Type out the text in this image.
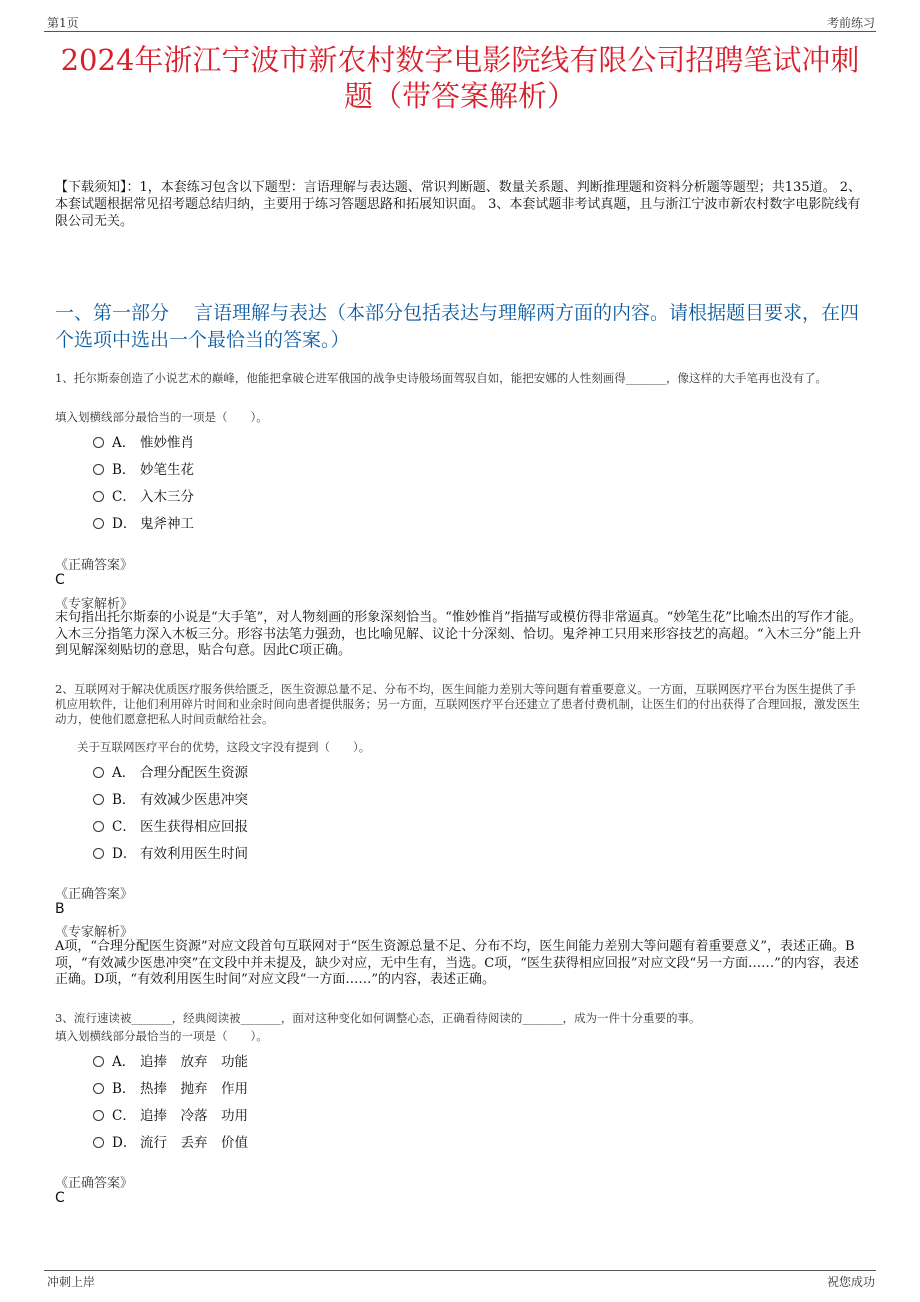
第1页	考前练习
2024年浙江宁波市新农村数字电影院线有限公司招聘笔试冲刺题（带答案解析）
【下载须知】：1，本套练习包含以下题型：言语理解与表达题、常识判断题、数量关系题、判断推理题和资料分析题等题型；共135道。 2、本套试题根据常见招考题总结归纳，主要用于练习答题思路和拓展知识面。 3、本套试题非考试真题，且与浙江宁波市新农村数字电影院线有限公司无关。
一、第一部分　 言语理解与表达（本部分包括表达与理解两方面的内容。请根据题目要求，在四个选项中选出一个最恰当的答案。）
1、托尔斯泰创造了小说艺术的巅峰，他能把拿破仑进军俄国的战争史诗般场面驾驭自如，能把安娜的人性刻画得_______，像这样的大手笔再也没有了。
填入划横线部分最恰当的一项是（　　）。
A． 惟妙惟肖
B． 妙笔生花
C． 入木三分
D． 鬼斧神工
《正确答案》
C
《专家解析》
末句指出托尔斯泰的小说是“大手笔”，对人物刻画的形象深刻恰当。“惟妙惟肖”指描写或模仿得非常逼真。“妙笔生花”比喻杰出的写作才能。入木三分指笔力深入木板三分。形容书法笔力强劲，也比喻见解、议论十分深刻、恰切。鬼斧神工只用来形容技艺的高超。“入木三分”能上升到见解深刻贴切的意思，贴合句意。因此C项正确。
2、互联网对于解决优质医疗服务供给匮乏，医生资源总量不足、分布不均，医生间能力差别大等问题有着重要意义。一方面，互联网医疗平台为医生提供了手机应用软件，让他们利用碎片时间和业余时间向患者提供服务；另一方面，互联网医疗平台还建立了患者付费机制，让医生们的付出获得了合理回报，激发医生动力，使他们愿意把私人时间贡献给社会。
关于互联网医疗平台的优势，这段文字没有提到（　　）。
A． 合理分配医生资源
B． 有效减少医患冲突
C． 医生获得相应回报
D． 有效利用医生时间
《正确答案》
B
《专家解析》
A项，“合理分配医生资源”对应文段首句互联网对于“医生资源总量不足、分布不均，医生间能力差别大等问题有着重要意义”，表述正确。B项，“有效减少医患冲突”在文段中并未提及，缺少对应，无中生有，当选。C项，“医生获得相应回报”对应文段“另一方面……”的内容，表述正确。D项，“有效利用医生时间”对应文段“一方面……”的内容，表述正确。
3、流行速读被_______，经典阅读被_______，面对这种变化如何调整心态，正确看待阅读的_______，成为一件十分重要的事。
填入划横线部分最恰当的一项是（　　）。
A． 追捧　放弃　功能
B． 热捧　抛弃　作用
C． 追捧　冷落　功用
D． 流行　丢弃　价值
《正确答案》
C
冲刺上岸	祝您成功
